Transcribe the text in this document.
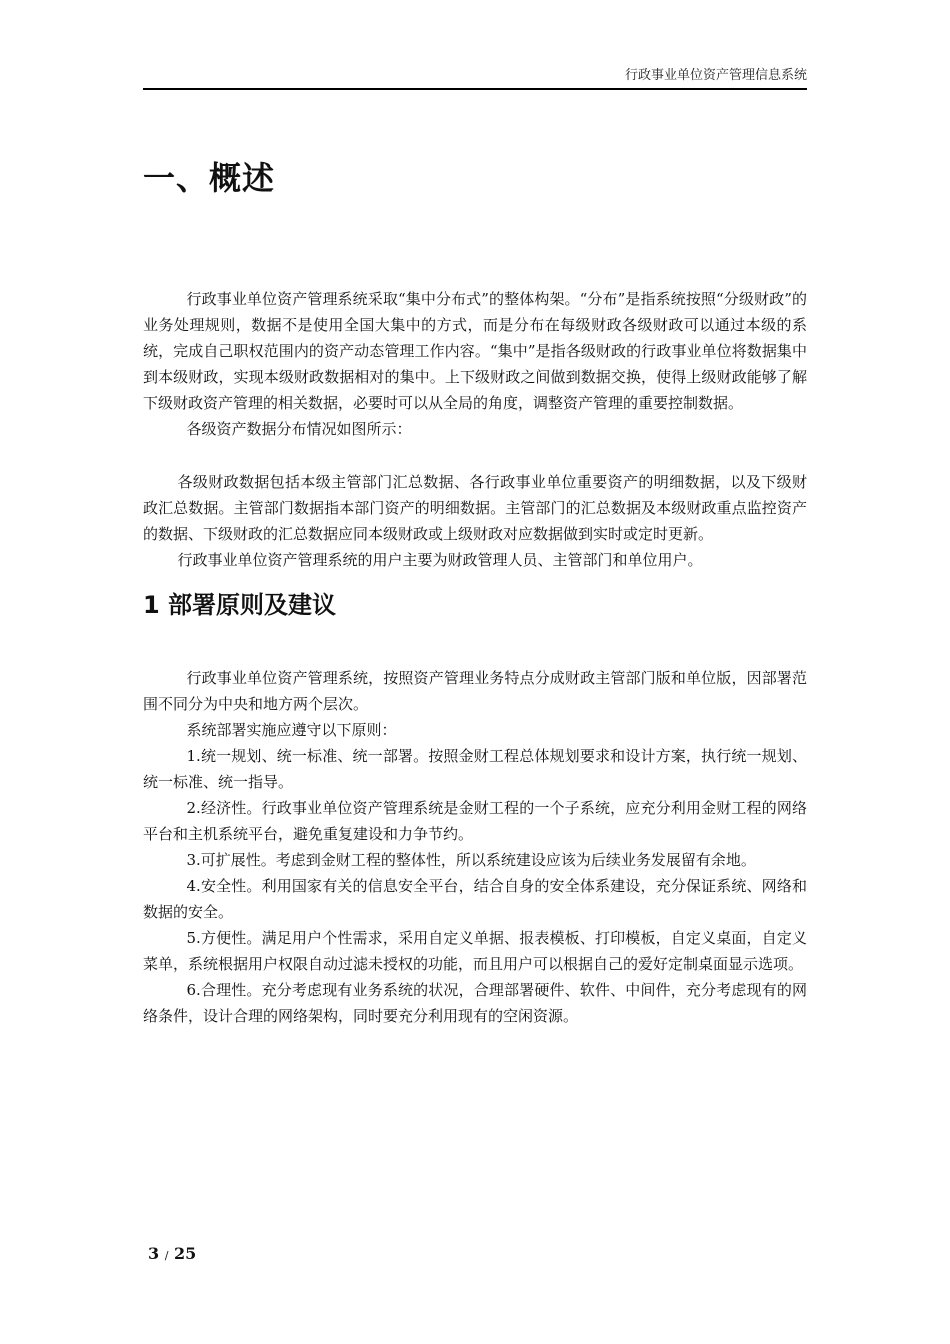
行政事业单位资产管理信息系统
一、概述

行政事业单位资产管理系统采取“集中分布式”的整体构架。“分布”是指系统按照“分级财政”的业务处理规则，数据不是使用全国大集中的方式，而是分布在每级财政各级财政可以通过本级的系统，完成自己职权范围内的资产动态管理工作内容。“集中”是指各级财政的行政事业单位将数据集中到本级财政，实现本级财政数据相对的集中。上下级财政之间做到数据交换，使得上级财政能够了解下级财政资产管理的相关数据，必要时可以从全局的角度，调整资产管理的重要控制数据。

各级资产数据分布情况如图所示：

各级财政数据包括本级主管部门汇总数据、各行政事业单位重要资产的明细数据，以及下级财政汇总数据。主管部门数据指本部门资产的明细数据。主管部门的汇总数据及本级财政重点监控资产的数据、下级财政的汇总数据应同本级财政或上级财政对应数据做到实时或定时更新。

行政事业单位资产管理系统的用户主要为财政管理人员、主管部门和单位用户。

1 部署原则及建议

行政事业单位资产管理系统，按照资产管理业务特点分成财政主管部门版和单位版，因部署范围不同分为中央和地方两个层次。

系统部署实施应遵守以下原则：

1.统一规划、统一标准、统一部署。按照金财工程总体规划要求和设计方案，执行统一规划、统一标准、统一指导。

2.经济性。行政事业单位资产管理系统是金财工程的一个子系统，应充分利用金财工程的网络平台和主机系统平台，避免重复建设和力争节约。

3.可扩展性。考虑到金财工程的整体性，所以系统建设应该为后续业务发展留有余地。

4.安全性。利用国家有关的信息安全平台，结合自身的安全体系建设，充分保证系统、网络和数据的安全。

5.方便性。满足用户个性需求，采用自定义单据、报表模板、打印模板，自定义桌面，自定义菜单，系统根据用户权限自动过滤未授权的功能，而且用户可以根据自己的爱好定制桌面显示选项。

6.合理性。充分考虑现有业务系统的状况，合理部署硬件、软件、中间件，充分考虑现有的网络条件，设计合理的网络架构，同时要充分利用现有的空闲资源。

3 / 25
